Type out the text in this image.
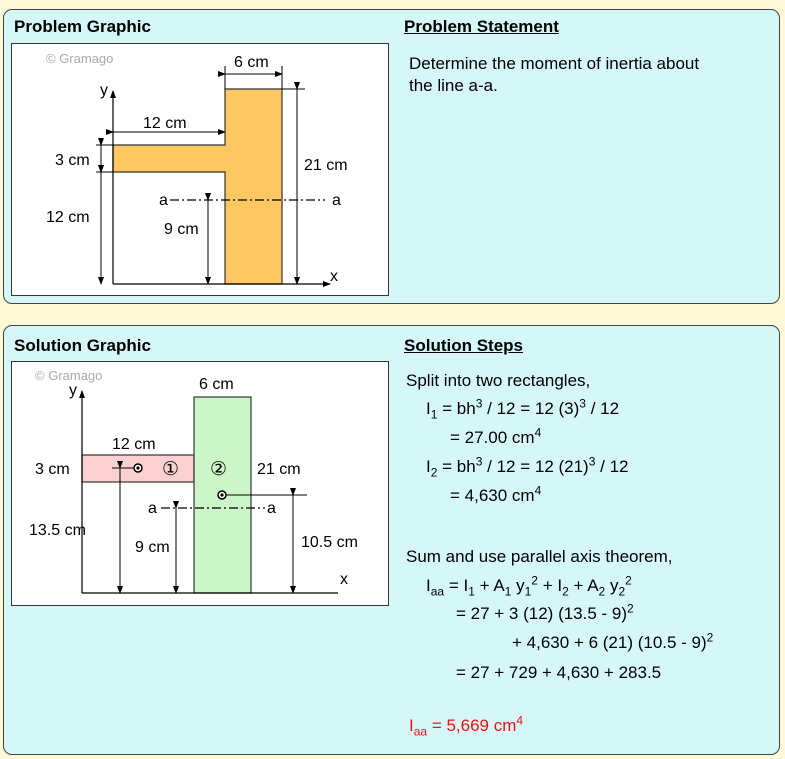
Problem Graphic	Problem Statement
© Gramago
y
x
6 cm
12 cm
3 cm
12 cm
21 cm
9 cm
a	a
Determine the moment of inertia about
the line a-a.
Solution Graphic	Solution Steps
© Gramago
y
x
6 cm
12 cm
3 cm	21 cm
13.5 cm
9 cm	10.5 cm
a	a
① ②
Split into two rectangles,
$I_1 = bh^3 / 12 = 12$ $(3)^3 / 12$
= 27.00 $cm^4$
$I_2 = bh^3 / 12 = 12$ $(21)^3 / 12$
= 4,630 $cm^4$
Sum and use parallel axis theorem,
$I_{aa} = I_1 + A_1$ $y_1^2 + I_2 + A_2$ $y_2^2$
= 27 + 3 (12) (13.5 - 9)$^2$
+ 4,630 + 6 (21) (10.5 - 9)$^2$
= 27 + 729 + 4,630 + 283.5
$I_{aa} = 5,669$ $cm^4$
